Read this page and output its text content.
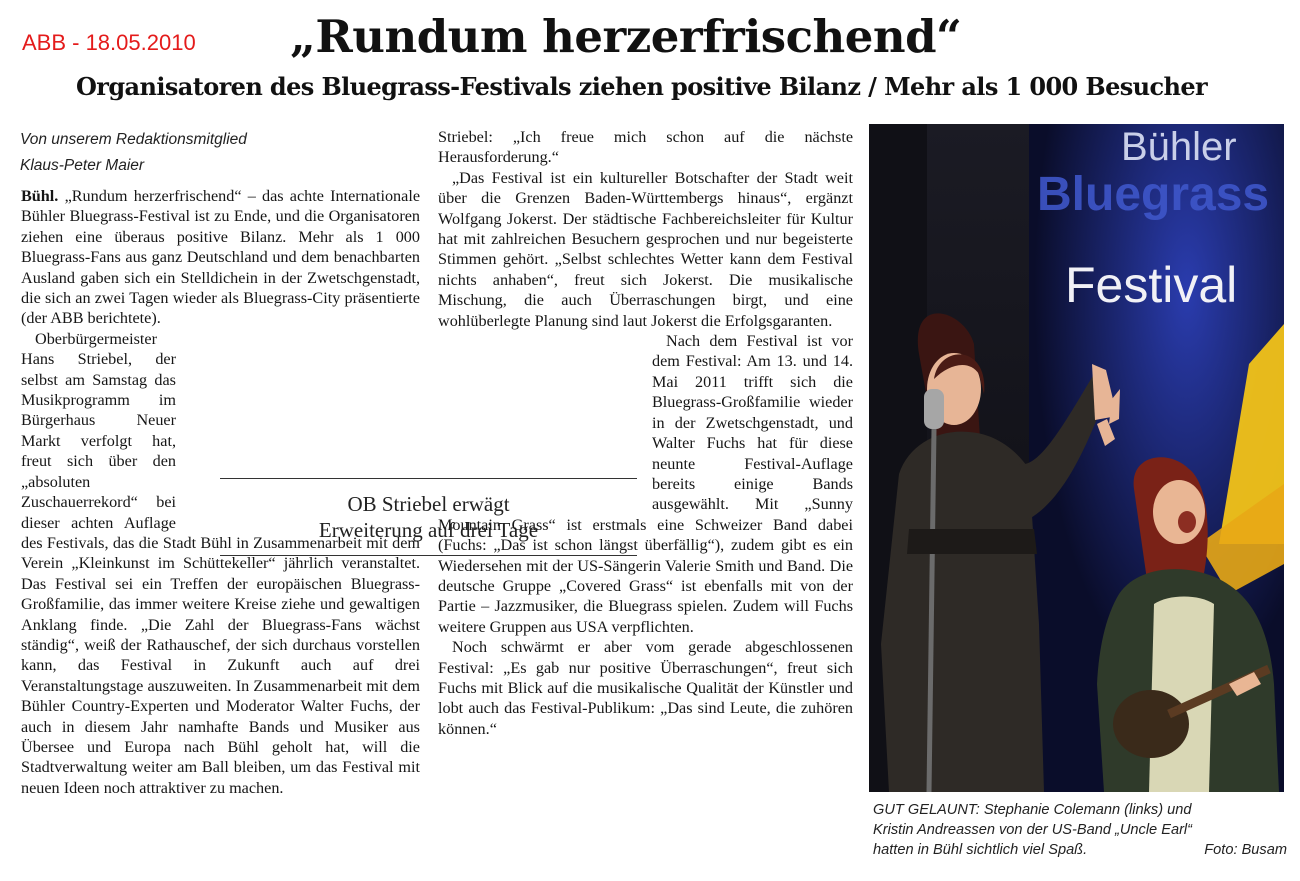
ABB - 18.05.2010 „Rundum herzerfrischend“
Organisatoren des Bluegrass-Festivals ziehen positive Bilanz / Mehr als 1 000 Besucher
Von unserem Redaktionsmitglied
Klaus-Peter Maier

Bühl. „Rundum herzerfrischend“ – das achte Internationale Bühler Bluegrass-Festival ist zu Ende, und die Organisatoren ziehen eine überaus positive Bilanz. Mehr als 1 000 Bluegrass-Fans aus ganz Deutschland und dem benachbarten Ausland gaben sich ein Stelldichein in der Zwetschgenstadt, die sich an zwei Tagen wieder als Bluegrass-City präsentierte (der ABB berichtete).

Oberbürgermeister Hans Striebel, der selbst am Samstag das Musikprogramm im Bürgerhaus Neuer Markt verfolgt hat, freut sich über den „absoluten Zuschauerrekord“ bei dieser achten Auflage des Festivals, das die Stadt Bühl in Zusammenarbeit mit dem Verein „Kleinkunst im Schüttekeller“ jährlich veranstaltet. Das Festival sei ein Treffen der europäischen Bluegrass-Großfamilie, das immer weitere Kreise ziehe und gewaltigen Anklang finde. „Die Zahl der Bluegrass-Fans wächst ständig“, weiß der Rathauschef, der sich durchaus vorstellen kann, das Festival in Zukunft auch auf drei Veranstaltungstage auszuweiten. In Zusammenarbeit mit dem Bühler Country-Experten und Moderator Walter Fuchs, der auch in diesem Jahr namhafte Bands und Musiker aus Übersee und Europa nach Bühl geholt hat, will die Stadtverwaltung weiter am Ball bleiben, um das Festival mit neuen Ideen noch attraktiver zu machen.

Striebel: „Ich freue mich schon auf die nächste Herausforderung.“

„Das Festival ist ein kultureller Botschafter der Stadt weit über die Grenzen Baden-Württembergs hinaus“, ergänzt Wolfgang Jokerst. Der städtische Fachbereichsleiter für Kultur hat mit zahlreichen Besuchern gesprochen und nur begeisterte Stimmen gehört. „Selbst schlechtes Wetter kann dem Festival nichts anhaben“, freut sich Jokerst. Die musikalische Mischung, die auch Überraschungen birgt, und eine wohlüberlegte Planung sind laut Jokerst die Erfolgsgaranten.

Nach dem Festival ist vor dem Festival: Am 13. und 14. Mai 2011 trifft sich die Bluegrass-Großfamilie wieder in der Zwetschgenstadt, und Walter Fuchs hat für diese neunte Festival-Auflage bereits einige Bands ausgewählt. Mit „Sunny Mountain Grass“ ist erstmals eine Schweizer Band dabei (Fuchs: „Das ist schon längst überfällig“), zudem gibt es ein Wiedersehen mit der US-Sängerin Valerie Smith und Band. Die deutsche Gruppe „Covered Grass“ ist ebenfalls mit von der Partie – Jazzmusiker, die Bluegrass spielen. Zudem will Fuchs weitere Gruppen aus USA verpflichten.

Noch schwärmt er aber vom gerade abgeschlossenen Festival: „Es gab nur positive Überraschungen“, freut sich Fuchs mit Blick auf die musikalische Qualität der Künstler und lobt auch das Festival-Publikum: „Das sind Leute, die zuhören können.“

OB Striebel erwägt
Erweiterung auf drei Tage
Bühler
Bluegrass
Festival

GUT GELAUNT: Stephanie Colemann (links) und

Kristin Andreassen von der US-Band „Uncle Earl“

hatten in Bühl sichtlich viel Spaß.	Foto: Busam
